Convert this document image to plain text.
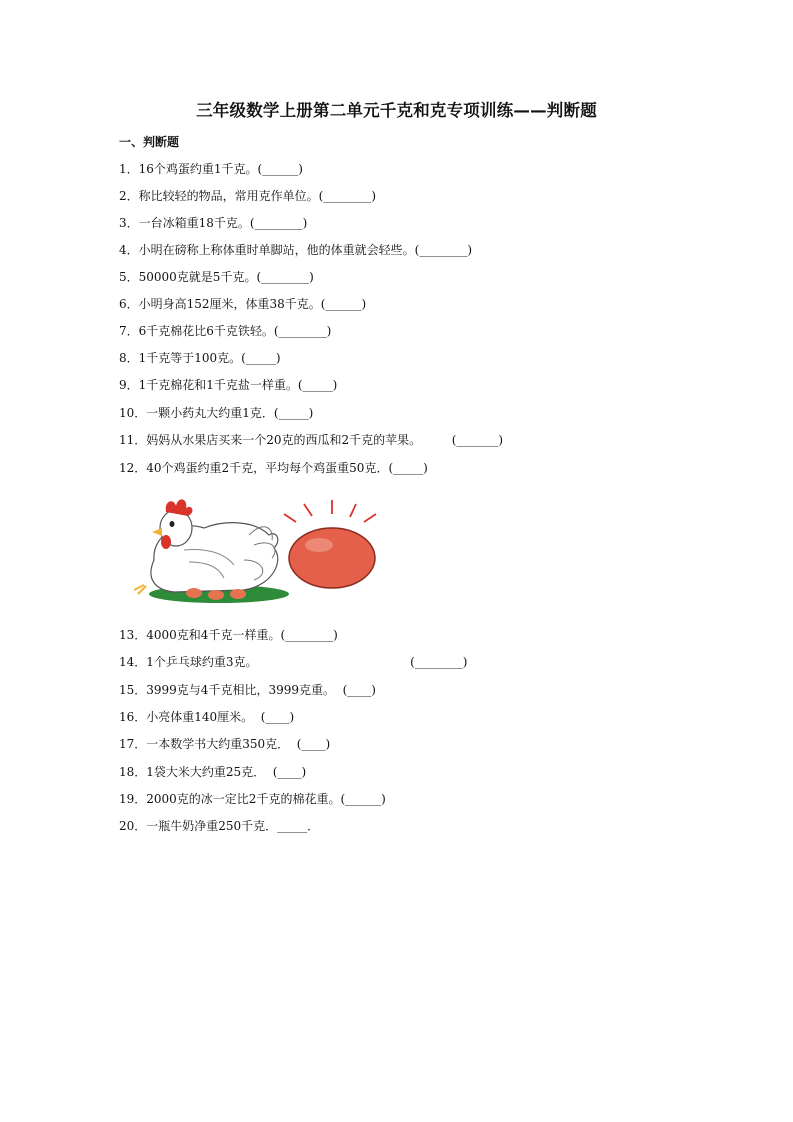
三年级数学上册第二单元千克和克专项训练——判断题
一、判断题
1．16个鸡蛋约重1千克。(______)
2．称比较轻的物品，常用克作单位。(________)
3．一台冰箱重18千克。(________)
4．小明在磅称上称体重时单脚站，他的体重就会轻些。(________)
5．50000克就是5千克。(________)
6．小明身高152厘米，体重38千克。(______)
7．6千克棉花比6千克铁轻。(________)
8．1千克等于100克。(_____)
9．1千克棉花和1千克盐一样重。(_____)
10．一颗小药丸大约重1克．(_____)
11．妈妈从水果店买来一个20克的西瓜和2千克的苹果。        (_______)
12．40个鸡蛋约重2千克，平均每个鸡蛋重50克．(_____)
13．4000克和4千克一样重。(________)
14．1个乒乓球约重3克。                                        (________)
15．3999克与4千克相比，3999克重。  (____)
16．小亮体重140厘米。  (____)
17．一本数学书大约重350克．  (____)
18．1袋大米大约重25克．  (____)
19．2000克的冰一定比2千克的棉花重。(______)
20．一瓶牛奶净重250千克．_____．
